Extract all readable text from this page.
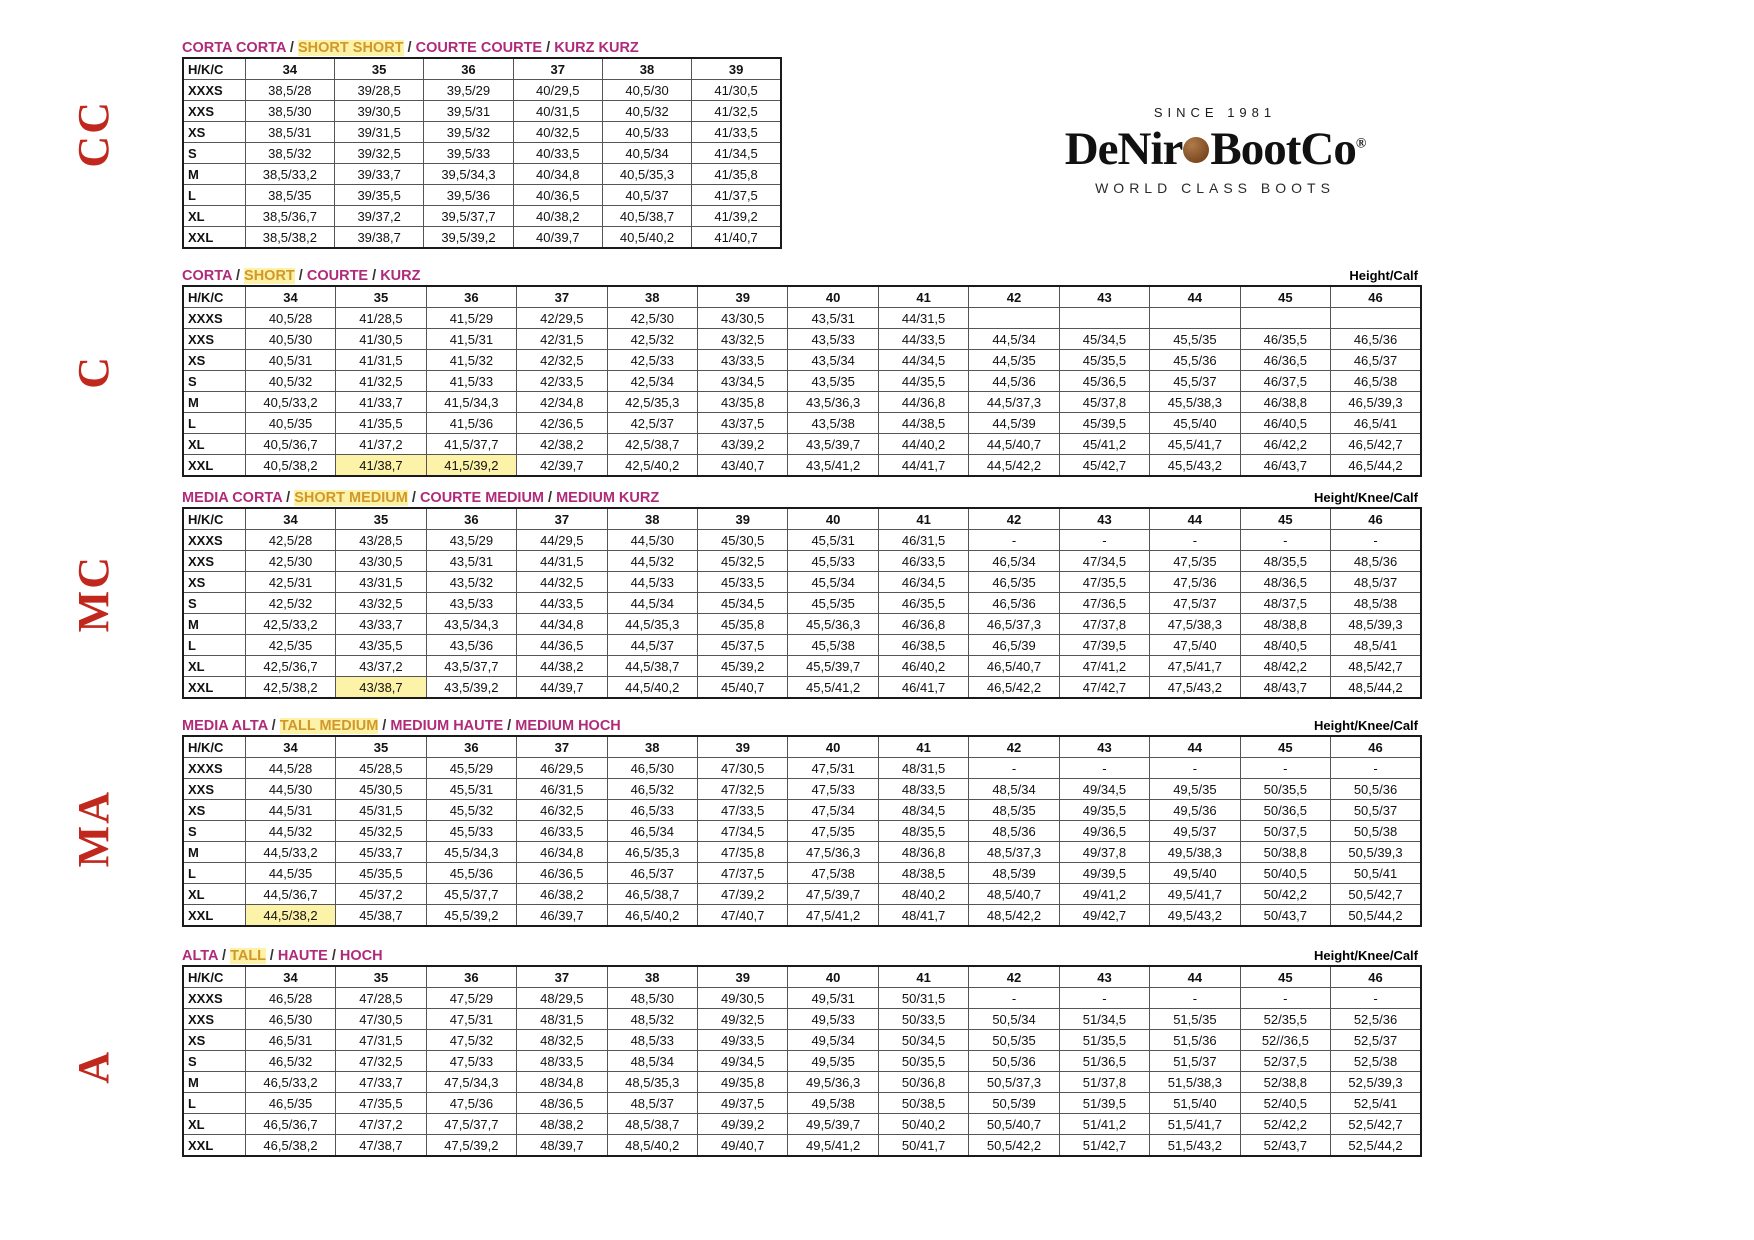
CC
C
MC
MA
A
SINCE 1981
DeNir BootCo®
WORLD CLASS BOOTS
CORTA CORTA / SHORT SHORT / COURTE COURTE / KURZ KURZ
H/K/C	34	35	36	37	38	39
XXXS	38,5/28	39/28,5	39,5/29	40/29,5	40,5/30	41/30,5
XXS	38,5/30	39/30,5	39,5/31	40/31,5	40,5/32	41/32,5
XS	38,5/31	39/31,5	39,5/32	40/32,5	40,5/33	41/33,5
S	38,5/32	39/32,5	39,5/33	40/33,5	40,5/34	41/34,5
M	38,5/33,2	39/33,7	39,5/34,3	40/34,8	40,5/35,3	41/35,8
L	38,5/35	39/35,5	39,5/36	40/36,5	40,5/37	41/37,5
XL	38,5/36,7	39/37,2	39,5/37,7	40/38,2	40,5/38,7	41/39,2
XXL	38,5/38,2	39/38,7	39,5/39,2	40/39,7	40,5/40,2	41/40,7
CORTA / SHORT / COURTE / KURZ	Height/Calf
H/K/C	34	35	36	37	38	39	40	41	42	43	44	45	46
XXXS	40,5/28	41/28,5	41,5/29	42/29,5	42,5/30	43/30,5	43,5/31	44/31,5					
XXS	40,5/30	41/30,5	41,5/31	42/31,5	42,5/32	43/32,5	43,5/33	44/33,5	44,5/34	45/34,5	45,5/35	46/35,5	46,5/36
XS	40,5/31	41/31,5	41,5/32	42/32,5	42,5/33	43/33,5	43,5/34	44/34,5	44,5/35	45/35,5	45,5/36	46/36,5	46,5/37
S	40,5/32	41/32,5	41,5/33	42/33,5	42,5/34	43/34,5	43,5/35	44/35,5	44,5/36	45/36,5	45,5/37	46/37,5	46,5/38
M	40,5/33,2	41/33,7	41,5/34,3	42/34,8	42,5/35,3	43/35,8	43,5/36,3	44/36,8	44,5/37,3	45/37,8	45,5/38,3	46/38,8	46,5/39,3
L	40,5/35	41/35,5	41,5/36	42/36,5	42,5/37	43/37,5	43,5/38	44/38,5	44,5/39	45/39,5	45,5/40	46/40,5	46,5/41
XL	40,5/36,7	41/37,2	41,5/37,7	42/38,2	42,5/38,7	43/39,2	43,5/39,7	44/40,2	44,5/40,7	45/41,2	45,5/41,7	46/42,2	46,5/42,7
XXL	40,5/38,2	41/38,7	41,5/39,2	42/39,7	42,5/40,2	43/40,7	43,5/41,2	44/41,7	44,5/42,2	45/42,7	45,5/43,2	46/43,7	46,5/44,2
MEDIA CORTA / SHORT MEDIUM / COURTE MEDIUM / MEDIUM KURZ	Height/Knee/Calf
H/K/C	34	35	36	37	38	39	40	41	42	43	44	45	46
XXXS	42,5/28	43/28,5	43,5/29	44/29,5	44,5/30	45/30,5	45,5/31	46/31,5	-	-	-	-	-
XXS	42,5/30	43/30,5	43,5/31	44/31,5	44,5/32	45/32,5	45,5/33	46/33,5	46,5/34	47/34,5	47,5/35	48/35,5	48,5/36
XS	42,5/31	43/31,5	43,5/32	44/32,5	44,5/33	45/33,5	45,5/34	46/34,5	46,5/35	47/35,5	47,5/36	48/36,5	48,5/37
S	42,5/32	43/32,5	43,5/33	44/33,5	44,5/34	45/34,5	45,5/35	46/35,5	46,5/36	47/36,5	47,5/37	48/37,5	48,5/38
M	42,5/33,2	43/33,7	43,5/34,3	44/34,8	44,5/35,3	45/35,8	45,5/36,3	46/36,8	46,5/37,3	47/37,8	47,5/38,3	48/38,8	48,5/39,3
L	42,5/35	43/35,5	43,5/36	44/36,5	44,5/37	45/37,5	45,5/38	46/38,5	46,5/39	47/39,5	47,5/40	48/40,5	48,5/41
XL	42,5/36,7	43/37,2	43,5/37,7	44/38,2	44,5/38,7	45/39,2	45,5/39,7	46/40,2	46,5/40,7	47/41,2	47,5/41,7	48/42,2	48,5/42,7
XXL	42,5/38,2	43/38,7	43,5/39,2	44/39,7	44,5/40,2	45/40,7	45,5/41,2	46/41,7	46,5/42,2	47/42,7	47,5/43,2	48/43,7	48,5/44,2
MEDIA ALTA / TALL MEDIUM / MEDIUM HAUTE / MEDIUM HOCH	Height/Knee/Calf
H/K/C	34	35	36	37	38	39	40	41	42	43	44	45	46
XXXS	44,5/28	45/28,5	45,5/29	46/29,5	46,5/30	47/30,5	47,5/31	48/31,5	-	-	-	-	-
XXS	44,5/30	45/30,5	45,5/31	46/31,5	46,5/32	47/32,5	47,5/33	48/33,5	48,5/34	49/34,5	49,5/35	50/35,5	50,5/36
XS	44,5/31	45/31,5	45,5/32	46/32,5	46,5/33	47/33,5	47,5/34	48/34,5	48,5/35	49/35,5	49,5/36	50/36,5	50,5/37
S	44,5/32	45/32,5	45,5/33	46/33,5	46,5/34	47/34,5	47,5/35	48/35,5	48,5/36	49/36,5	49,5/37	50/37,5	50,5/38
M	44,5/33,2	45/33,7	45,5/34,3	46/34,8	46,5/35,3	47/35,8	47,5/36,3	48/36,8	48,5/37,3	49/37,8	49,5/38,3	50/38,8	50,5/39,3
L	44,5/35	45/35,5	45,5/36	46/36,5	46,5/37	47/37,5	47,5/38	48/38,5	48,5/39	49/39,5	49,5/40	50/40,5	50,5/41
XL	44,5/36,7	45/37,2	45,5/37,7	46/38,2	46,5/38,7	47/39,2	47,5/39,7	48/40,2	48,5/40,7	49/41,2	49,5/41,7	50/42,2	50,5/42,7
XXL	44,5/38,2	45/38,7	45,5/39,2	46/39,7	46,5/40,2	47/40,7	47,5/41,2	48/41,7	48,5/42,2	49/42,7	49,5/43,2	50/43,7	50,5/44,2
ALTA / TALL / HAUTE / HOCH	Height/Knee/Calf
H/K/C	34	35	36	37	38	39	40	41	42	43	44	45	46
XXXS	46,5/28	47/28,5	47,5/29	48/29,5	48,5/30	49/30,5	49,5/31	50/31,5	-	-	-	-	-
XXS	46,5/30	47/30,5	47,5/31	48/31,5	48,5/32	49/32,5	49,5/33	50/33,5	50,5/34	51/34,5	51,5/35	52/35,5	52,5/36
XS	46,5/31	47/31,5	47,5/32	48/32,5	48,5/33	49/33,5	49,5/34	50/34,5	50,5/35	51/35,5	51,5/36	52//36,5	52,5/37
S	46,5/32	47/32,5	47,5/33	48/33,5	48,5/34	49/34,5	49,5/35	50/35,5	50,5/36	51/36,5	51,5/37	52/37,5	52,5/38
M	46,5/33,2	47/33,7	47,5/34,3	48/34,8	48,5/35,3	49/35,8	49,5/36,3	50/36,8	50,5/37,3	51/37,8	51,5/38,3	52/38,8	52,5/39,3
L	46,5/35	47/35,5	47,5/36	48/36,5	48,5/37	49/37,5	49,5/38	50/38,5	50,5/39	51/39,5	51,5/40	52/40,5	52,5/41
XL	46,5/36,7	47/37,2	47,5/37,7	48/38,2	48,5/38,7	49/39,2	49,5/39,7	50/40,2	50,5/40,7	51/41,2	51,5/41,7	52/42,2	52,5/42,7
XXL	46,5/38,2	47/38,7	47,5/39,2	48/39,7	48,5/40,2	49/40,7	49,5/41,2	50/41,7	50,5/42,2	51/42,7	51,5/43,2	52/43,7	52,5/44,2
